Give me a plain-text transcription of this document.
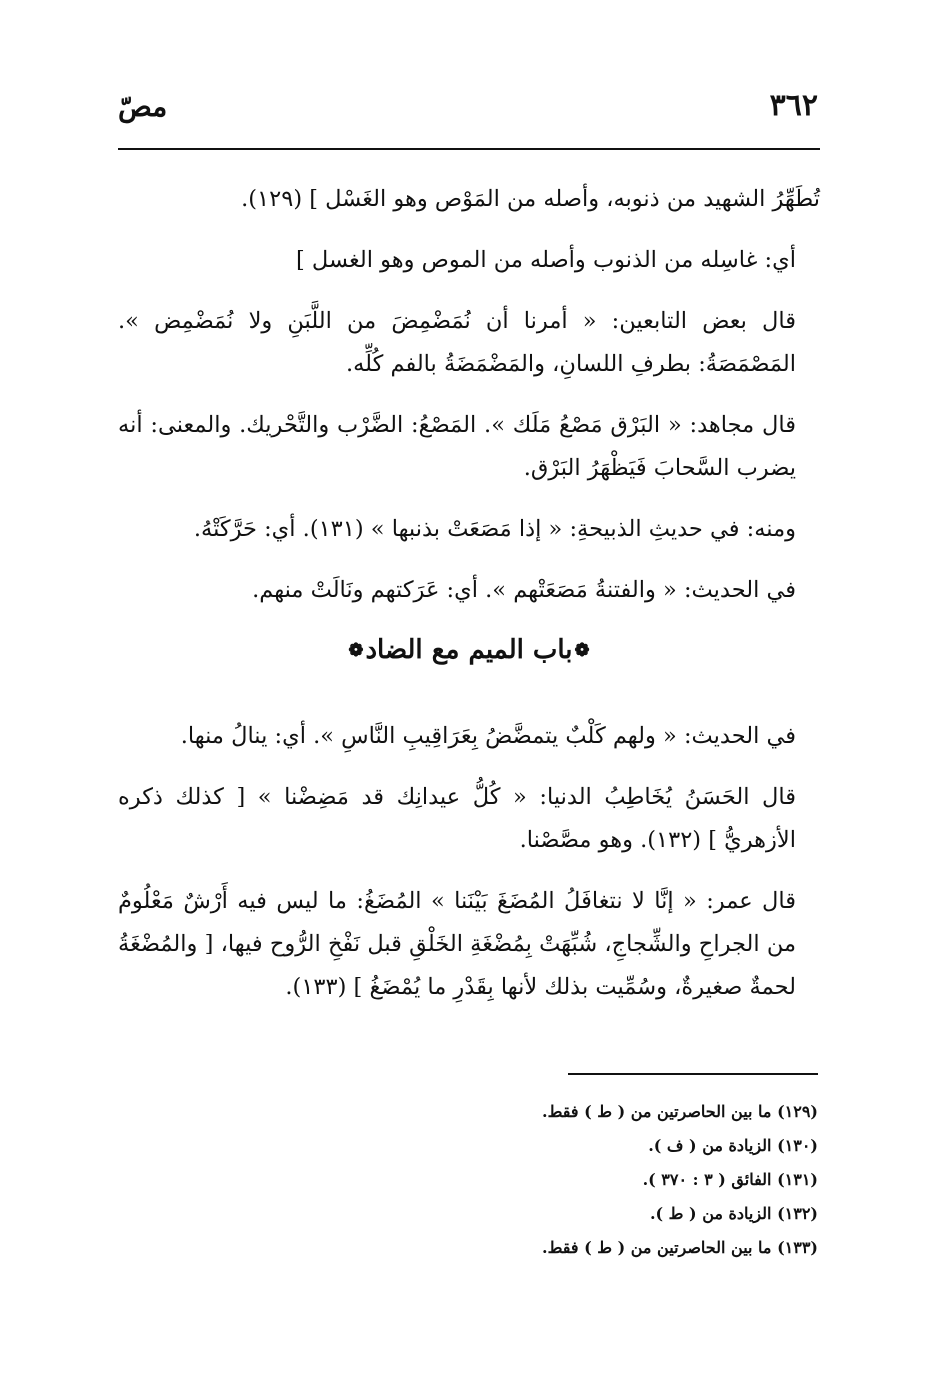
٣٦٢
مصّ

تُطَهِّرُ الشهيد من ذنوبه، وأصله من المَوْص وهو الغَسْل ] (١٢٩).

أي: غاسِله من الذنوب وأصله من الموص وهو الغسل ]

قال بعض التابعين: « أمرنا أن نُمَضْمِضَ من اللَّبَنِ ولا نُمَضْمِض ». المَصْمَصَةُ: بطرفِ اللسانِ، والمَضْمَضَةُ بالفم كُلِّه.

قال مجاهد: « البَرْق مَصْعُ مَلَك ». المَصْعُ: الضَّرْب والتَّحْريك. والمعنى: أنه يضرب السَّحابَ فَيَظْهَرُ البَرْق.

ومنه: في حديثِ الذبيحةِ: « إذا مَصَعَتْ بذنبها » (١٣١). أي: حَرَّكَتْهُ.

في الحديث: « والفتنةُ مَصَعَتْهم ». أي: عَرَكتهم ونَالَتْ منهم.

❁باب الميم مع الضاد❁

في الحديث: « ولهم كَلْبٌ يتمضَّضُ بِعَرَاقِيبِ النَّاسِ ». أي: ينالُ منها.

قال الحَسَنُ يُخَاطِبُ الدنيا: « كُلُّ عيدانِك قد مَضِضْنا » [ كذلك ذكره الأزهريُّ ] (١٣٢). وهو مصَّصْنا.

قال عمر: « إنَّا لا نتغافَلُ المُضَغَ بَيْنَنا » المُضَغُ: ما ليس فيه أَرْشٌ مَعْلُومٌ من الجراحِ والشِّجاجِ، شُبِّهَتْ بِمُضْغَةِ الخَلْقِ قبل نَفْخِ الرُّوح فيها، [ والمُضْغَةُ لحمةٌ صغيرةٌ، وسُمِّيت بذلك لأنها بِقَدْرِ ما يُمْضَغُ ] (١٣٣).

(١٢٩) ما بين الحاصرتين من ( ط ) فقط.
(١٣٠) الزيادة من ( ف ).
(١٣١) الفائق ( ٣ : ٣٧٠ ).
(١٣٢) الزيادة من ( ط ).
(١٣٣) ما بين الحاصرتين من ( ط ) فقط.
